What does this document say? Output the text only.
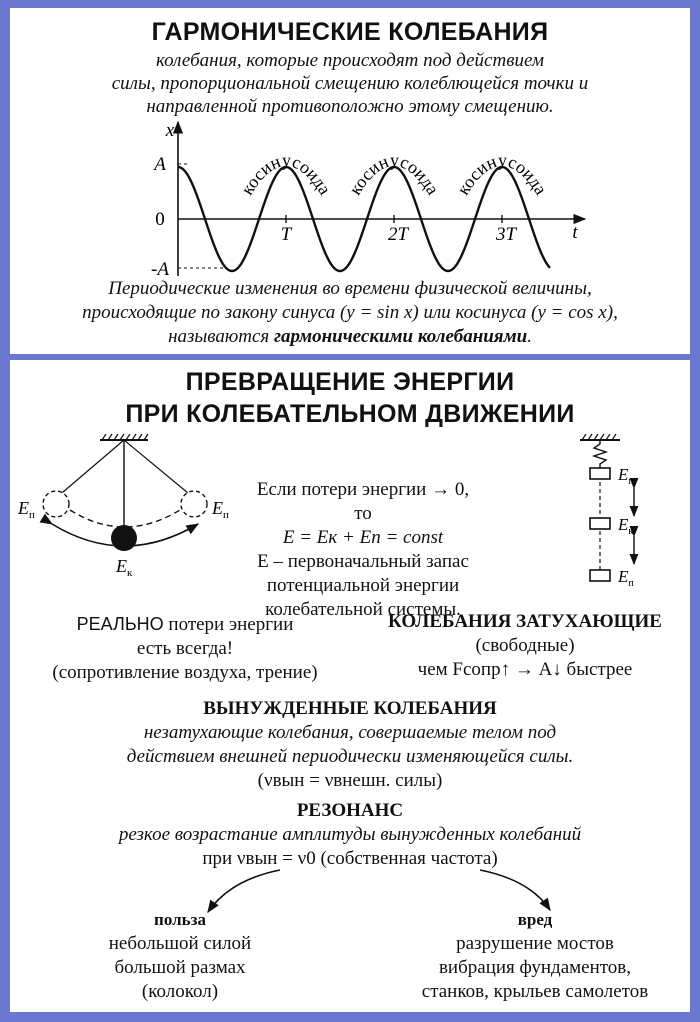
ГАРМОНИЧЕСКИЕ КОЛЕБАНИЯ
колебания, которые происходят под действием
силы, пропорциональной смещению колеблющейся точки и
направленной противоположно этому смещению.
x
t
A
0
-A
T	2T	3T
косинусоида косинусоида косинусоида
Периодические изменения во времени физической величины,
происходящие по закону синуса (y = sin x) или косинуса (y = cos x),
называются гармоническими колебаниями.
ПРЕВРАЩЕНИЕ ЭНЕРГИИ
ПРИ КОЛЕБАТЕЛЬНОМ ДВИЖЕНИИ
$E_п$	$E_п$
$E_к$
Если потери энергии → 0, то
E = Eк + Eп = const
E – первоначальный запас
потенциальной энергии
колебательной системы.
$E_п$
$E_к$
$E_п$
РЕАЛЬНО потери энергии
есть всегда!
(сопротивление воздуха, трение)
КОЛЕБАНИЯ ЗАТУХАЮЩИЕ
(свободные)
чем Fсопр↑ → A↓ быстрее
ВЫНУЖДЕННЫЕ КОЛЕБАНИЯ
незатухающие колебания, совершаемые телом под
действием внешней периодически изменяющейся силы.
(νвын = νвнешн. силы)
РЕЗОНАНС
резкое возрастание амплитуды вынужденных колебаний
при νвын = ν0 (собственная частота)
польза
небольшой силой
большой размах
(колокол)
вред
разрушение мостов
вибрация фундаментов,
станков, крыльев самолетов
